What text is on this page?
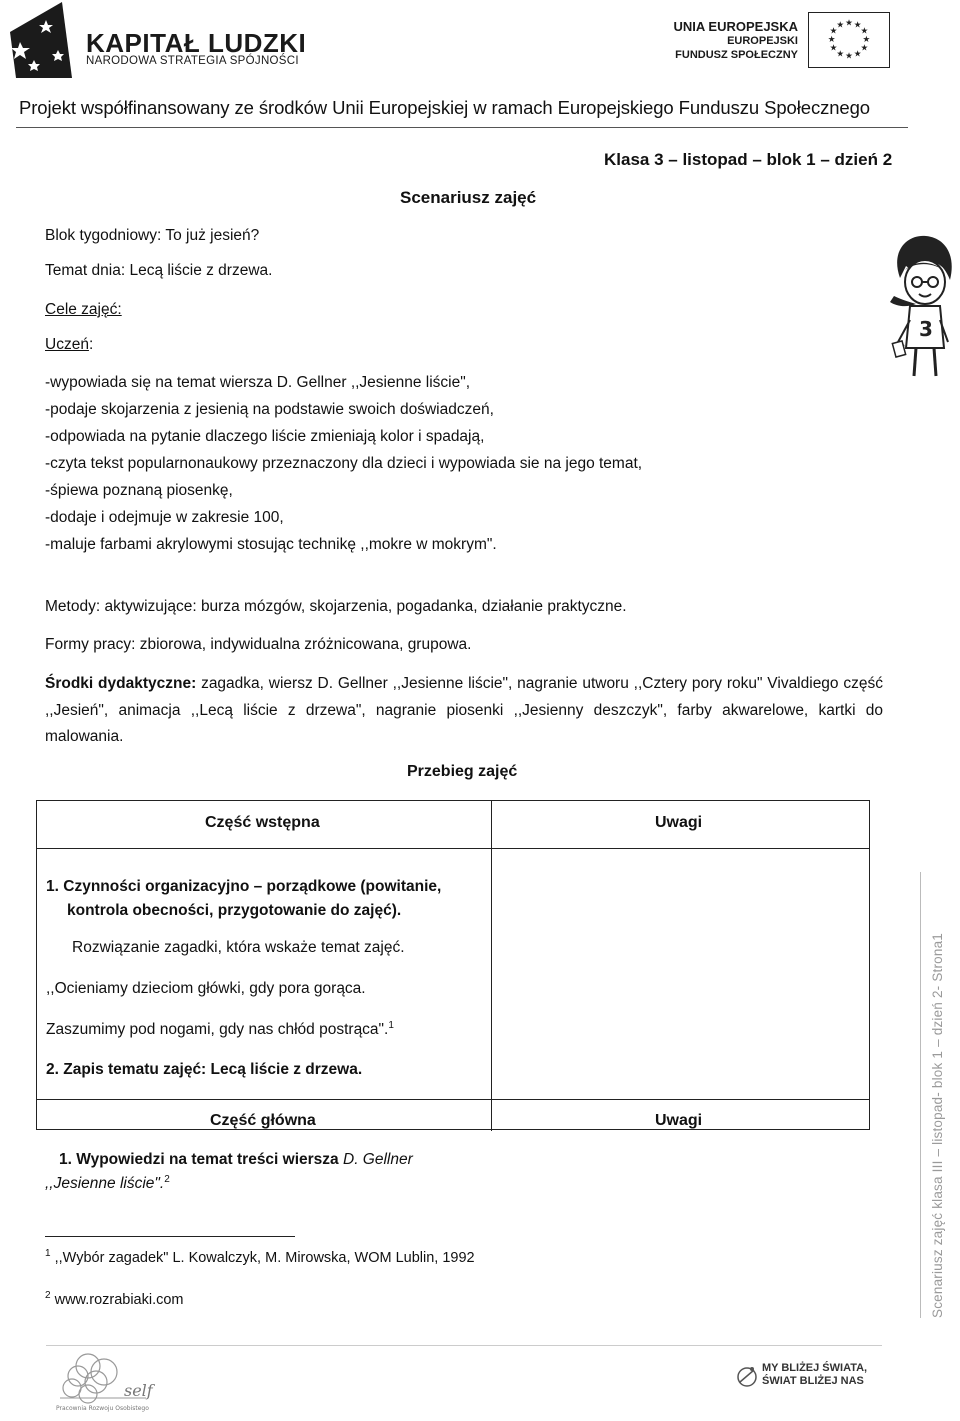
KAPITAŁ LUDZKI
NARODOWA STRATEGIA SPÓJNOŚCI
UNIA EUROPEJSKA
EUROPEJSKI
FUNDUSZ SPOŁECZNY
★ ★
★
★
★
★
★
★
★
★
★
★
Projekt współfinansowany ze środków Unii Europejskiej w ramach Europejskiego Funduszu Społecznego
Klasa 3 – listopad – blok 1 – dzień 2
Scenariusz zajęć
3
Blok tygodniowy: To już jesień?
Temat dnia: Lecą liście z drzewa.
Cele zajęć:
Uczeń:
-wypowiada się na temat wiersza D. Gellner ,,Jesienne liście",
-podaje skojarzenia z jesienią na podstawie swoich doświadczeń,
-odpowiada na pytanie dlaczego liście zmieniają kolor i spadają,
-czyta tekst popularnonaukowy przeznaczony dla dzieci i wypowiada sie na jego temat,
-śpiewa poznaną piosenkę,
-dodaje i odejmuje w zakresie 100,
-maluje farbami akrylowymi stosując technikę ,,mokre w mokrym".
Metody: aktywizujące: burza mózgów, skojarzenia, pogadanka, działanie praktyczne.
Formy pracy: zbiorowa, indywidualna zróżnicowana, grupowa.
Środki dydaktyczne: zagadka, wiersz D. Gellner ,,Jesienne liście", nagranie utworu ,,Cztery pory roku" Vivaldiego część ,,Jesień", animacja ,,Lecą liście z drzewa", nagranie piosenki ,,Jesienny deszczyk", farby akwarelowe, kartki do malowania.
Przebieg zajęć
Część wstępna	Uwagi
1. Czynności organizacyjno – porządkowe (powitanie,
kontrola obecności, przygotowanie do zajęć).
Rozwiązanie zagadki, która wskaże temat zajęć.
,,Ocieniamy dzieciom główki, gdy pora gorąca.
Zaszumimy pod nogami, gdy nas chłód postrąca".$^1$
2. Zapis tematu zajęć: Lecą liście z drzewa.
Część główna	Uwagi
1. Wypowiedzi na temat treści wiersza D. Gellner
,,Jesienne liście".$^2$
$^1$ ,,Wybór zagadek" L. Kowalczyk, M. Mirowska, WOM Lublin, 1992
$^2$ www.rozrabiaki.com	Scenariusz zajęć klasa III – listopad- blok 1 – dzień 2- Strona1
self
Pracownia Rozwoju Osobistego
MY BLIŻEJ ŚWIATA,
ŚWIAT BLIŻEJ NAS
